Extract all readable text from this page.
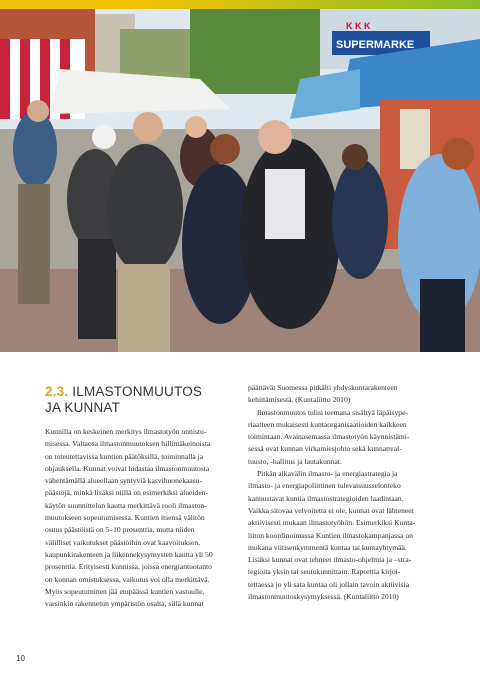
K K K
SUPERMARKE
2.3. ILMASTONMUUTOS
JA KUNNAT

Kunnilla on keskeinen merkitys ilmastotyön onnistu-

misessa. Valtaosa ilmastonmuutoksen hillintäkeinoista

on toteutettavissa kuntien päätöksillä, toiminnalla ja

ohjauksella. Kunnat voivat hidastaa ilmastonmuutosta

vähentämällä alueellaan syntyviä kasvihuonekaasu-

päästöjä, minkä lisäksi niillä on esimerkiksi alueiden-

käytön suunnittelun kautta merkittävä rooli ilmaston-

muutokseen sopeutumisessa. Kuntien itsensä välitön

osuus päästöistä on 5–10 prosenttia, mutta niiden

välilliset vaikutukset päästöihin ovat kaavoituksen,

kaupunkirakenteen ja liikennekysymysten kautta yli 50

prosenttia. Erityisesti kunnissa, joissa energiantuotanto

on kunnan omistuksessa, vaikutus voi olla merkittävä.

Myös sopeutuminen jää etupäässä kuntien vastuulle,

varsinkin rakennetun ympäristön osalta, sillä kunnat

päättävät Suomessa pitkälti yhdyskuntarakenteen

kehittämisestä. (Kuntaliitto 2010)

Ilmastonmuutos tulisi teemana sisältyä läpäisype-

riaatteen mukaisesti kuntaorganisaatioiden kaikkeen

toimintaan. Avainasemassa ilmastotyön käynnistämi-

sessä ovat kunnan virkamiesjohto sekä kunnanval-

tuusto, -hallitus ja lautakunnat.

Pitkän aikavälin ilmasto- ja energiastrategia ja

ilmasto- ja energiapoliittinen tulevaisuusselonteko

kannustavat kuntia ilmastostrategioiden laadintaan.

Vaikka sitovaa velvoitetta ei ole, kunnat ovat lähteneet

aktiivisesti mukaan ilmastotyöhön. Esimerkiksi Kunta-

liiton koordinoimassa Kuntien ilmastokampanjassa on

mukana viitisenkymmentä kuntaa tai kuntayhtymää.

Lisäksi kunnat ovat tehneet ilmasto-ohjelmia ja –stra-

tegioita yksin tai seutukunnittain. Raporttia kirjoi-

tettaessa jo yli sata kuntaa oli jollain tavoin aktiivisia

ilmastonmuutoskysymyksessä. (Kuntaliitto 2010)

10
